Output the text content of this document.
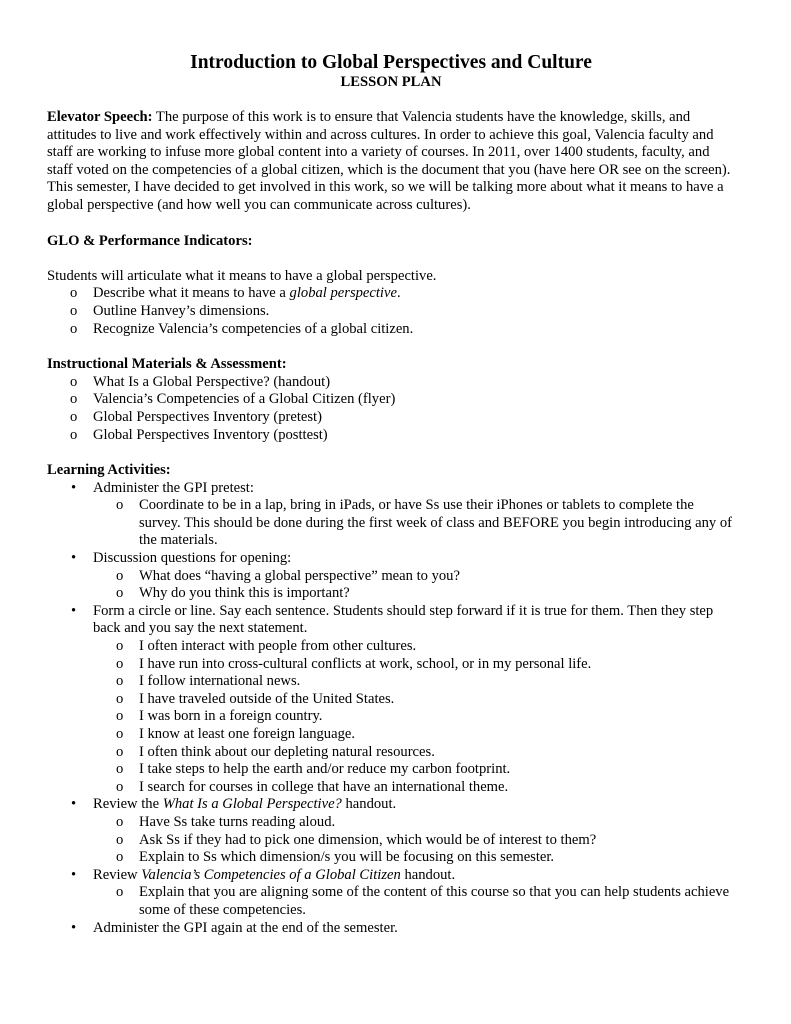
Introduction to Global Perspectives and Culture
LESSON PLAN
Elevator Speech: The purpose of this work is to ensure that Valencia students have the knowledge, skills, and attitudes to live and work effectively within and across cultures. In order to achieve this goal, Valencia faculty and staff are working to infuse more global content into a variety of courses. In 2011, over 1400 students, faculty, and staff voted on the competencies of a global citizen, which is the document that you (have here OR see on the screen). This semester, I have decided to get involved in this work, so we will be talking more about what it means to have a global perspective (and how well you can communicate across cultures).
GLO & Performance Indicators:
Students will articulate what it means to have a global perspective.
o Describe what it means to have a global perspective.
o Outline Hanvey’s dimensions.
o Recognize Valencia’s competencies of a global citizen.
Instructional Materials & Assessment:
o What Is a Global Perspective? (handout)
o Valencia’s Competencies of a Global Citizen (flyer)
o Global Perspectives Inventory (pretest)
o Global Perspectives Inventory (posttest)
Learning Activities:
• Administer the GPI pretest:
o Coordinate to be in a lap, bring in iPads, or have Ss use their iPhones or tablets to complete the survey. This should be done during the first week of class and BEFORE you begin introducing any of the materials.
• Discussion questions for opening:
o What does “having a global perspective” mean to you?
o Why do you think this is important?
• Form a circle or line. Say each sentence. Students should step forward if it is true for them. Then they step back and you say the next statement.
o I often interact with people from other cultures.
o I have run into cross-cultural conflicts at work, school, or in my personal life.
o I follow international news.
o I have traveled outside of the United States.
o I was born in a foreign country.
o I know at least one foreign language.
o I often think about our depleting natural resources.
o I take steps to help the earth and/or reduce my carbon footprint.
o I search for courses in college that have an international theme.
• Review the What Is a Global Perspective? handout.
o Have Ss take turns reading aloud.
o Ask Ss if they had to pick one dimension, which would be of interest to them?
o Explain to Ss which dimension/s you will be focusing on this semester.
• Review Valencia’s Competencies of a Global Citizen handout.
o Explain that you are aligning some of the content of this course so that you can help students achieve some of these competencies.
• Administer the GPI again at the end of the semester.
